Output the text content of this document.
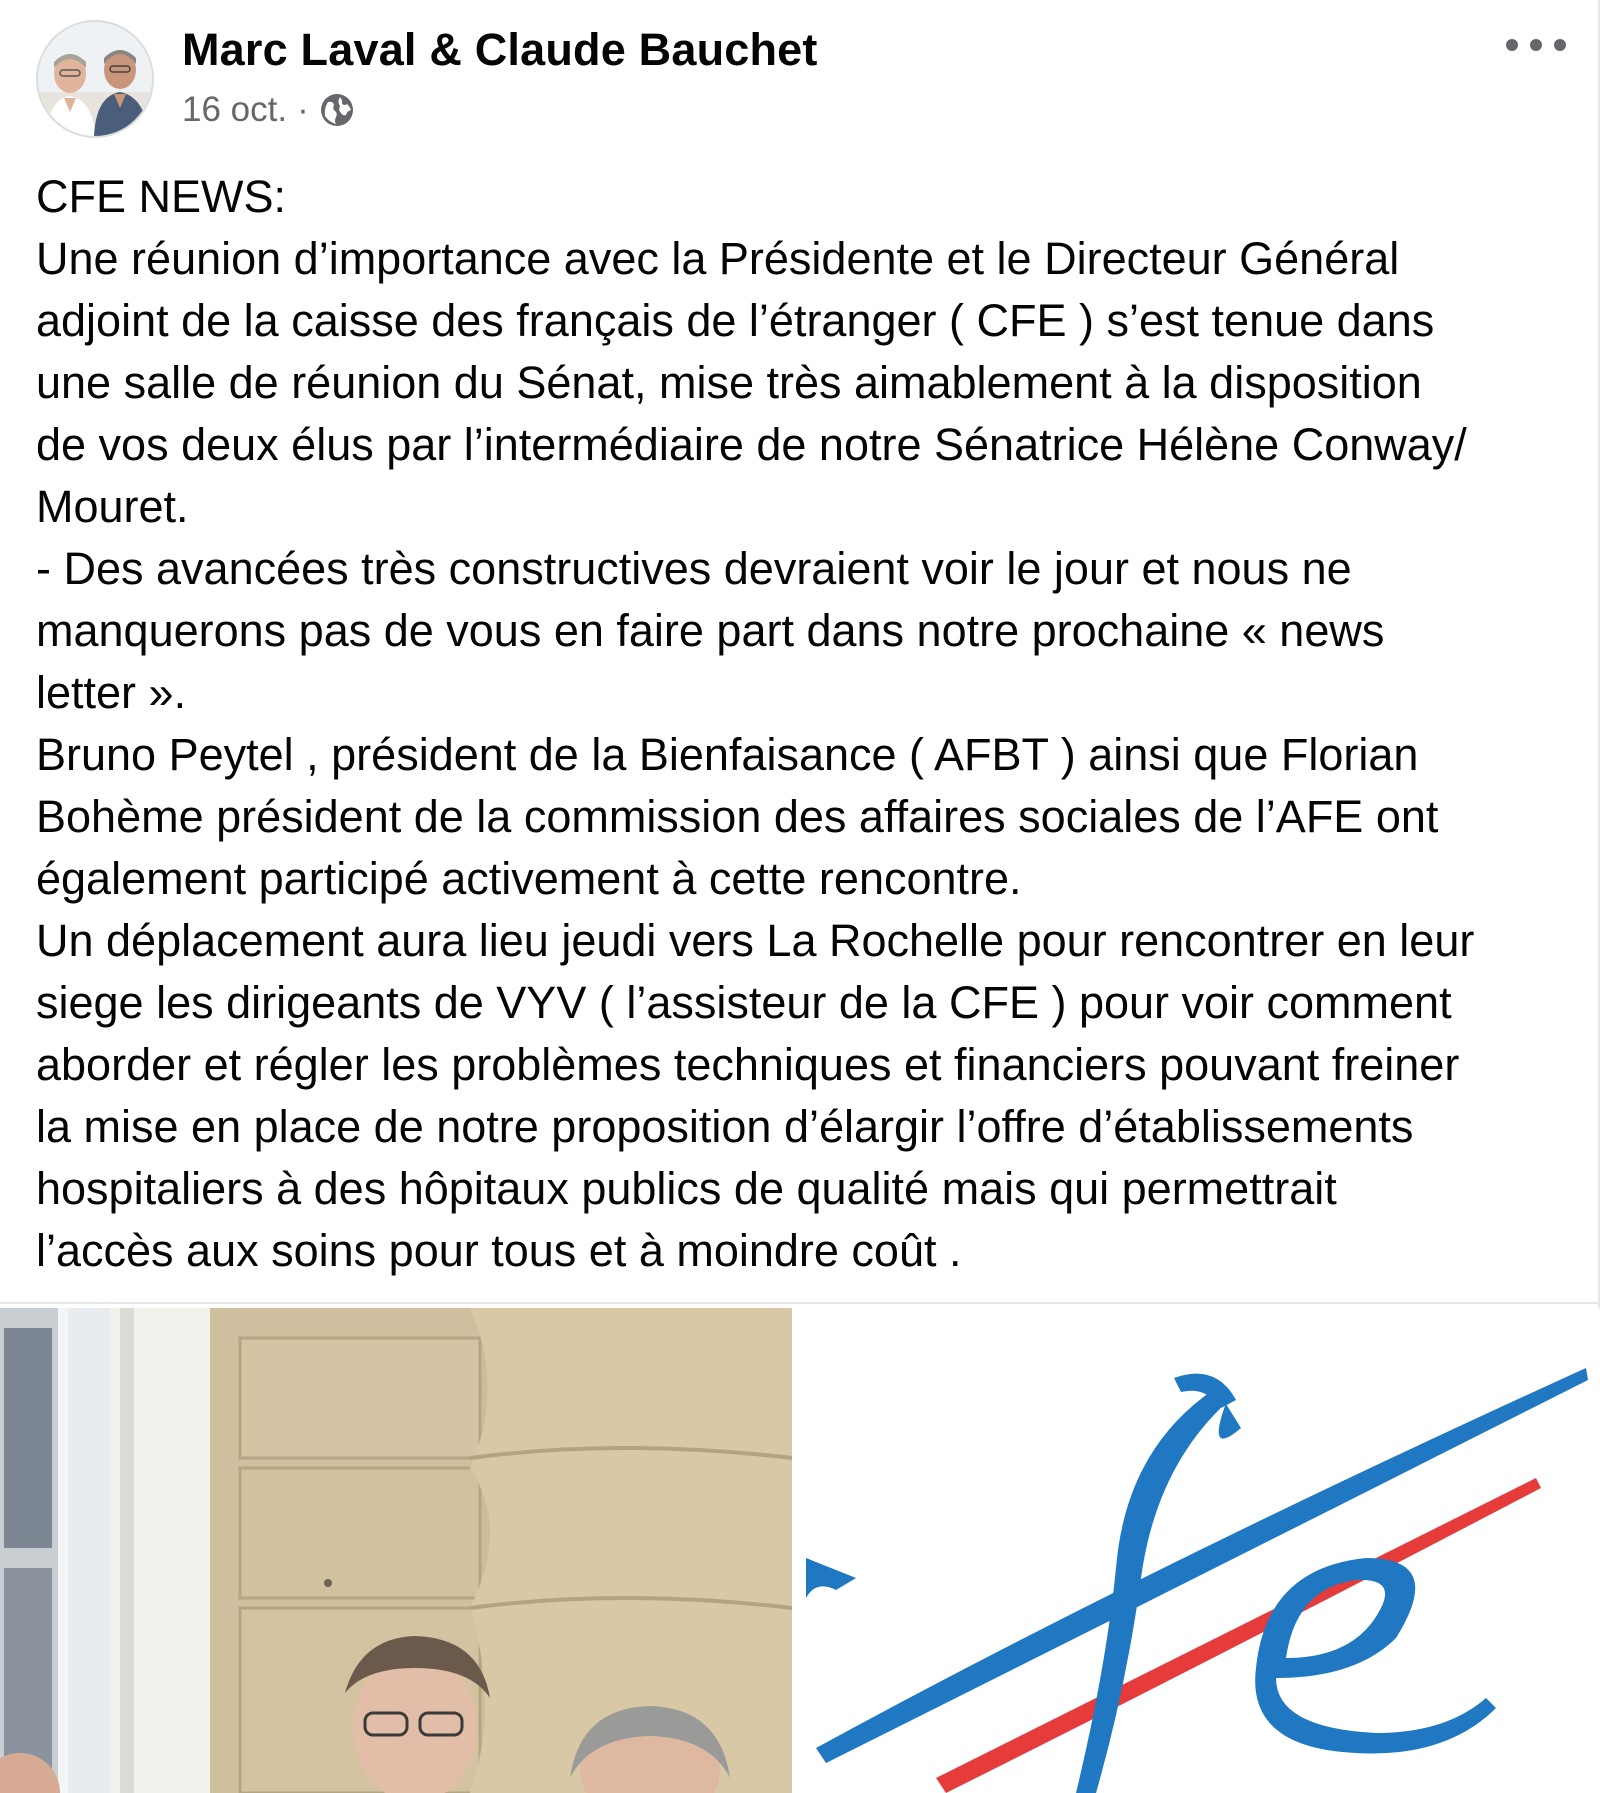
Marc Laval & Claude Bauchet
16 oct. ·
CFE NEWS:
Une réunion d’importance avec la Présidente et le Directeur Général
adjoint de la caisse des français de l’étranger ( CFE ) s’est tenue dans
une salle de réunion du Sénat, mise très aimablement à la disposition
de vos deux élus par l’intermédiaire de notre Sénatrice Hélène Conway/
Mouret.
- Des avancées très constructives devraient voir le jour et nous ne
manquerons pas de vous en faire part dans notre prochaine « news
letter ».
Bruno Peytel , président de la Bienfaisance ( AFBT ) ainsi que Florian
Bohème président de la commission des affaires sociales de l’AFE ont
également participé activement à cette rencontre.
Un déplacement aura lieu jeudi vers La Rochelle pour rencontrer en leur
siege les dirigeants de VYV ( l’assisteur de la CFE ) pour voir comment
aborder et régler les problèmes techniques et financiers pouvant freiner
la mise en place de notre proposition d’élargir l’offre d’établissements
hospitaliers à des hôpitaux publics de qualité mais qui permettrait
l’accès aux soins pour tous et à moindre coût .
